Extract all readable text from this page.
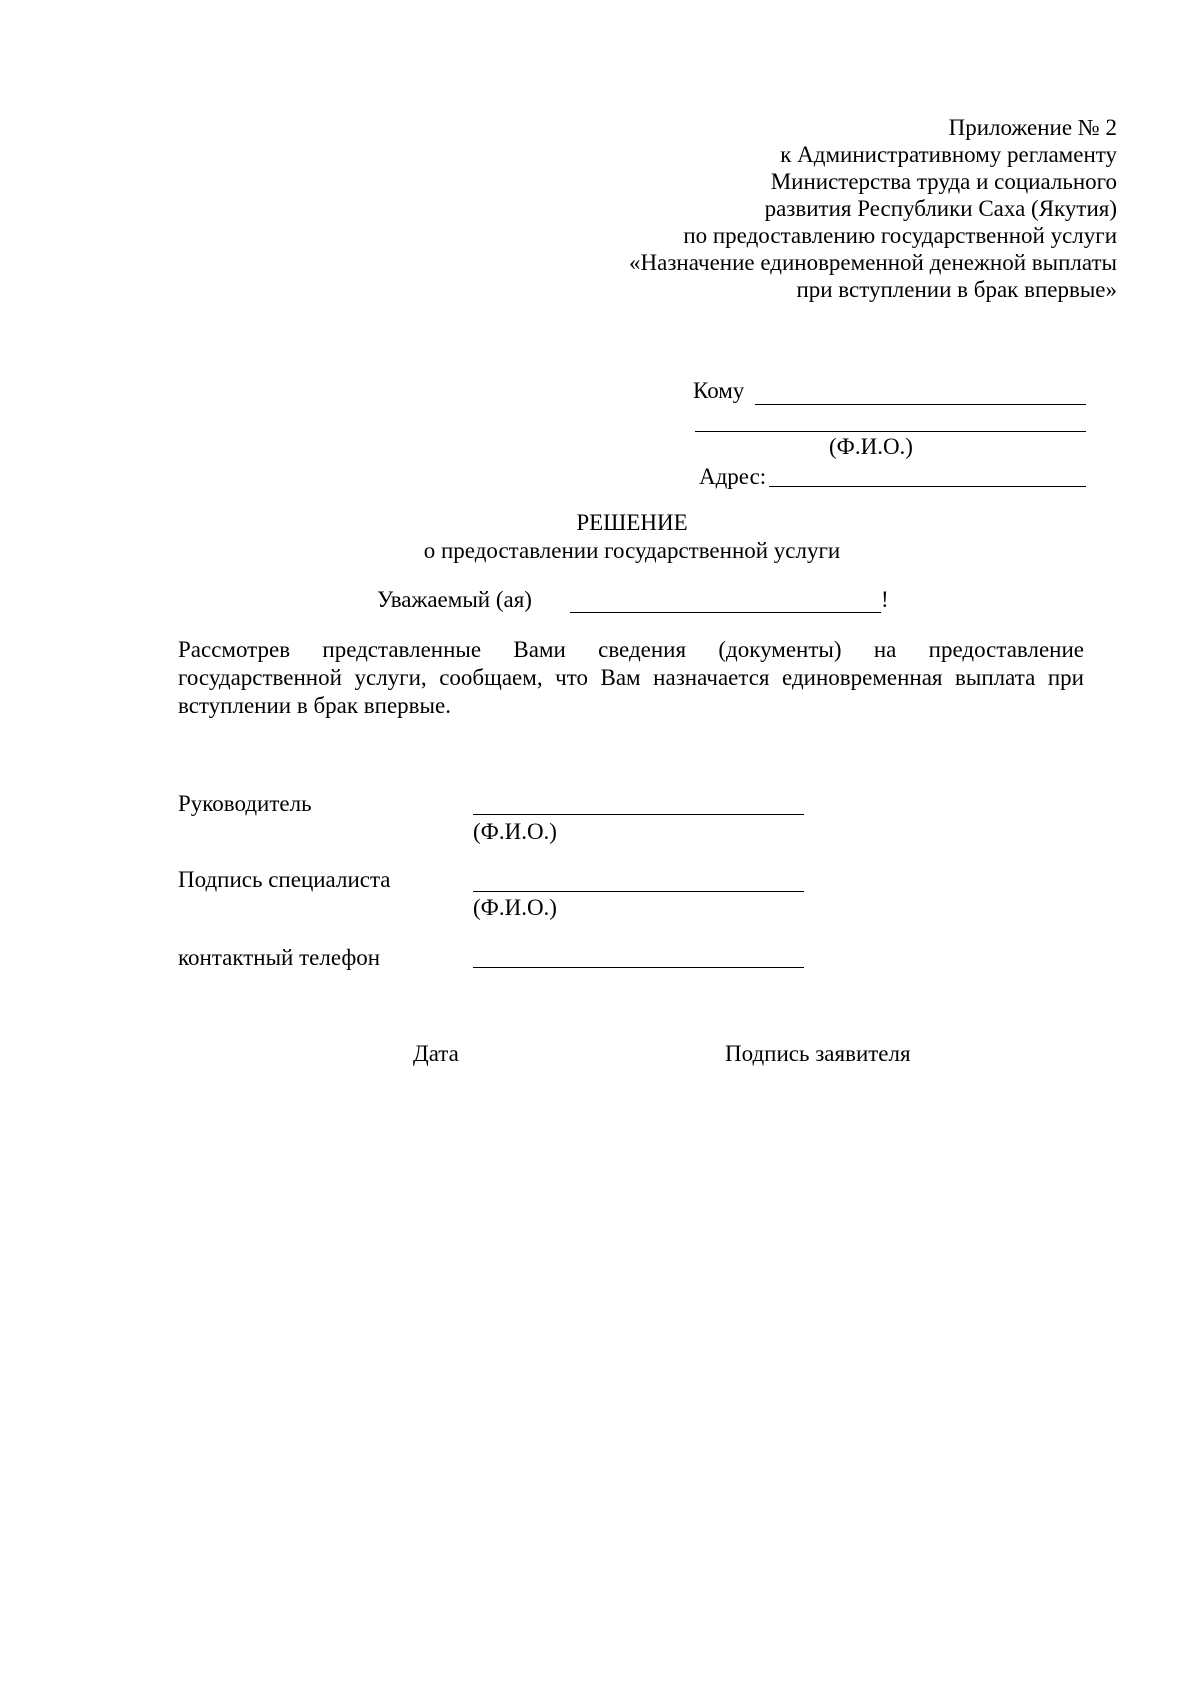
Приложение № 2
к Административному регламенту
Министерства труда и социального
развития Республики Саха (Якутия)
по предоставлению государственной услуги
«Назначение единовременной денежной выплаты
при вступлении в брак впервые»
Кому
(Ф.И.О.)
Адрес:
РЕШЕНИЕ
о предоставлении государственной услуги
Уважаемый (ая)	!
Рассмотрев представленные Вами сведения (документы) на предоставление
государственной услуги, сообщаем, что Вам назначается единовременная выплата при
вступлении в брак впервые.
Руководитель
(Ф.И.О.)
Подпись специалиста
(Ф.И.О.)
контактный телефон
Дата	Подпись заявителя
